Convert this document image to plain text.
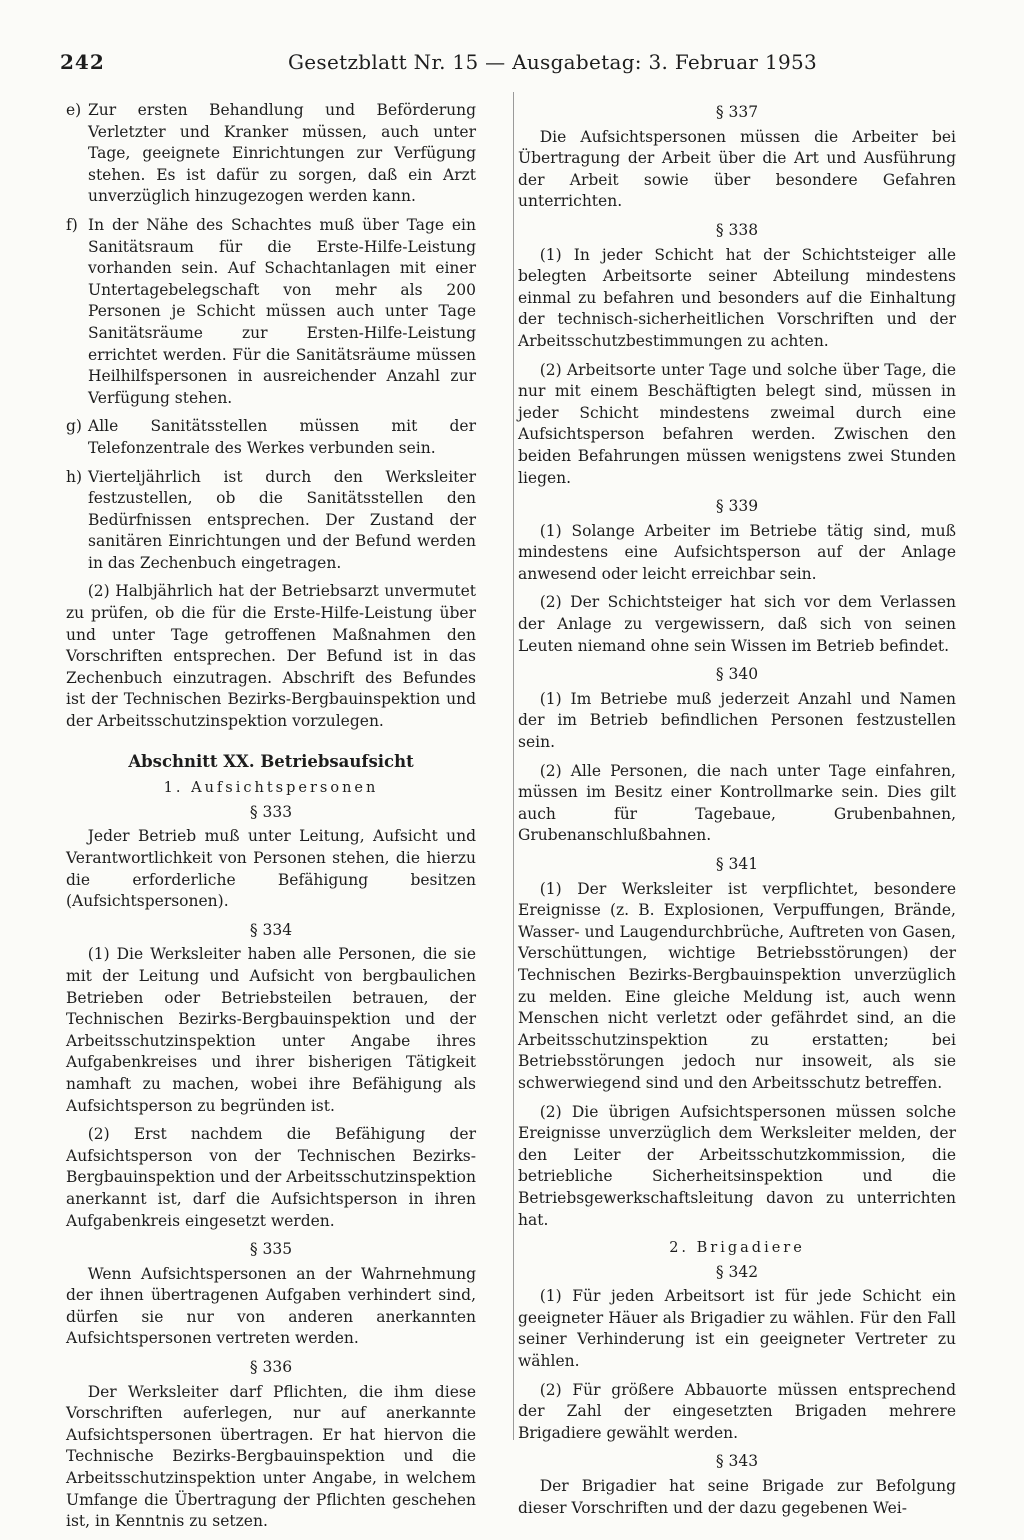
242	Gesetzblatt Nr. 15 — Ausgabetag: 3. Februar 1953
e) Zur ersten Behandlung und Beförderung Verletzter und Kranker müssen, auch unter Tage, geeignete Einrichtungen zur Verfügung stehen. Es ist dafür zu sorgen, daß ein Arzt unverzüglich hinzugezogen werden kann.
f) In der Nähe des Schachtes muß über Tage ein Sanitätsraum für die Erste-Hilfe-Leistung vorhanden sein. Auf Schachtanlagen mit einer Untertagebelegschaft von mehr als 200 Personen je Schicht müssen auch unter Tage Sanitätsräume zur Ersten-Hilfe-Leistung errichtet werden. Für die Sanitätsräume müssen Heilhilfspersonen in ausreichender Anzahl zur Verfügung stehen.
g) Alle Sanitätsstellen müssen mit der Telefonzentrale des Werkes verbunden sein.
h) Vierteljährlich ist durch den Werksleiter festzustellen, ob die Sanitätsstellen den Bedürfnissen entsprechen. Der Zustand der sanitären Einrichtungen und der Befund werden in das Zechenbuch eingetragen.

(2) Halbjährlich hat der Betriebsarzt unvermutet zu prüfen, ob die für die Erste-Hilfe-Leistung über und unter Tage getroffenen Maßnahmen den Vorschriften entsprechen. Der Befund ist in das Zechenbuch einzutragen. Abschrift des Befundes ist der Technischen Bezirks-Bergbauinspektion und der Arbeitsschutzinspektion vorzulegen.

Abschnitt XX. Betriebsaufsicht
1. Aufsichtspersonen
§ 333

Jeder Betrieb muß unter Leitung, Aufsicht und Verantwortlichkeit von Personen stehen, die hierzu die erforderliche Befähigung besitzen (Aufsichtspersonen).

§ 334

(1) Die Werksleiter haben alle Personen, die sie mit der Leitung und Aufsicht von bergbaulichen Betrieben oder Betriebsteilen betrauen, der Technischen Bezirks-Bergbauinspektion und der Arbeitsschutzinspektion unter Angabe ihres Aufgabenkreises und ihrer bisherigen Tätigkeit namhaft zu machen, wobei ihre Befähigung als Aufsichtsperson zu begründen ist.

(2) Erst nachdem die Befähigung der Aufsichtsperson von der Technischen Bezirks-Bergbauinspektion und der Arbeitsschutzinspektion anerkannt ist, darf die Aufsichtsperson in ihren Aufgabenkreis eingesetzt werden.

§ 335

Wenn Aufsichtspersonen an der Wahrnehmung der ihnen übertragenen Aufgaben verhindert sind, dürfen sie nur von anderen anerkannten Aufsichtspersonen vertreten werden.

§ 336

Der Werksleiter darf Pflichten, die ihm diese Vorschriften auferlegen, nur auf anerkannte Aufsichtspersonen übertragen. Er hat hiervon die Technische Bezirks-Bergbauinspektion und die Arbeitsschutzinspektion unter Angabe, in welchem Umfange die Übertragung der Pflichten geschehen ist, in Kenntnis zu setzen.

§ 337

Die Aufsichtspersonen müssen die Arbeiter bei Übertragung der Arbeit über die Art und Ausführung der Arbeit sowie über besondere Gefahren unterrichten.

§ 338

(1) In jeder Schicht hat der Schichtsteiger alle belegten Arbeitsorte seiner Abteilung mindestens einmal zu befahren und besonders auf die Einhaltung der technisch-sicherheitlichen Vorschriften und der Arbeitsschutzbestimmungen zu achten.

(2) Arbeitsorte unter Tage und solche über Tage, die nur mit einem Beschäftigten belegt sind, müssen in jeder Schicht mindestens zweimal durch eine Aufsichtsperson befahren werden. Zwischen den beiden Befahrungen müssen wenigstens zwei Stunden liegen.

§ 339

(1) Solange Arbeiter im Betriebe tätig sind, muß mindestens eine Aufsichtsperson auf der Anlage anwesend oder leicht erreichbar sein.

(2) Der Schichtsteiger hat sich vor dem Verlassen der Anlage zu vergewissern, daß sich von seinen Leuten niemand ohne sein Wissen im Betrieb befindet.

§ 340

(1) Im Betriebe muß jederzeit Anzahl und Namen der im Betrieb befindlichen Personen festzustellen sein.

(2) Alle Personen, die nach unter Tage einfahren, müssen im Besitz einer Kontrollmarke sein. Dies gilt auch für Tagebaue, Grubenbahnen, Grubenanschlußbahnen.

§ 341

(1) Der Werksleiter ist verpflichtet, besondere Ereignisse (z. B. Explosionen, Verpuffungen, Brände, Wasser- und Laugendurchbrüche, Auftreten von Gasen, Verschüttungen, wichtige Betriebsstörungen) der Technischen Bezirks-Bergbauinspektion unverzüglich zu melden. Eine gleiche Meldung ist, auch wenn Menschen nicht verletzt oder gefährdet sind, an die Arbeitsschutzinspektion zu erstatten; bei Betriebsstörungen jedoch nur insoweit, als sie schwerwiegend sind und den Arbeitsschutz betreffen.

(2) Die übrigen Aufsichtspersonen müssen solche Ereignisse unverzüglich dem Werksleiter melden, der den Leiter der Arbeitsschutzkommission, die betriebliche Sicherheitsinspektion und die Betriebsgewerkschaftsleitung davon zu unterrichten hat.

2. Brigadiere
§ 342

(1) Für jeden Arbeitsort ist für jede Schicht ein geeigneter Häuer als Brigadier zu wählen. Für den Fall seiner Verhinderung ist ein geeigneter Vertreter zu wählen.

(2) Für größere Abbauorte müssen entsprechend der Zahl der eingesetzten Brigaden mehrere Brigadiere gewählt werden.

§ 343

Der Brigadier hat seine Brigade zur Befolgung dieser Vorschriften und der dazu gegebenen Wei-
